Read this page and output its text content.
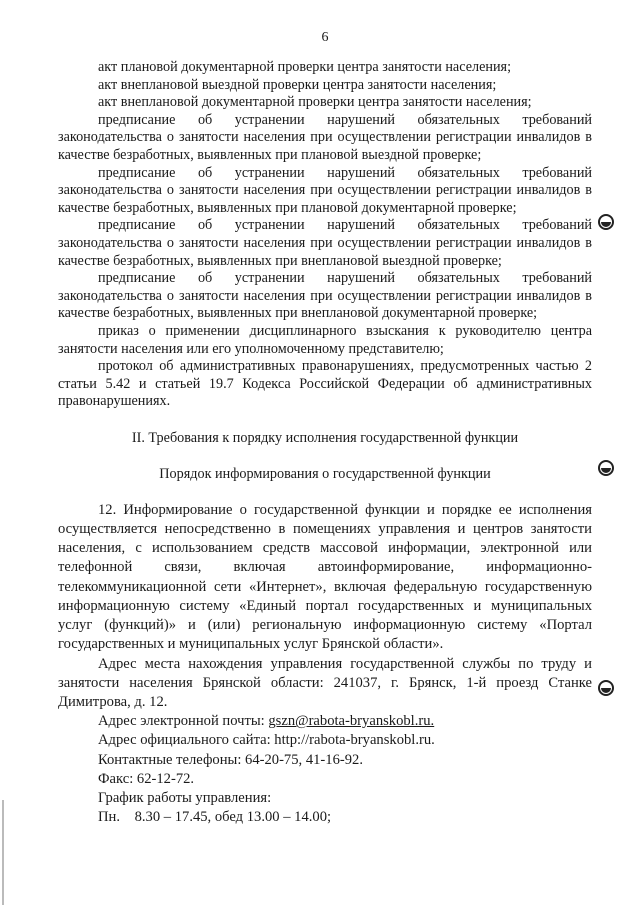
6

акт плановой документарной проверки центра занятости населения;

акт внеплановой выездной проверки центра занятости населения;

акт внеплановой документарной проверки центра занятости населения;

предписание об устранении нарушений обязательных требований законодательства о занятости населения при осуществлении регистрации инвалидов в качестве безработных, выявленных при плановой выездной проверке;

предписание об устранении нарушений обязательных требований законодательства о занятости населения при осуществлении регистрации инвалидов в качестве безработных, выявленных при плановой документарной проверке;

предписание об устранении нарушений обязательных требований законодательства о занятости населения при осуществлении регистрации инвалидов в качестве безработных, выявленных при внеплановой выездной проверке;

предписание об устранении нарушений обязательных требований законодательства о занятости населения при осуществлении регистрации инвалидов в качестве безработных, выявленных при внеплановой документарной проверке;

приказ о применении дисциплинарного взыскания к руководителю центра занятости населения или его уполномоченному представителю;

протокол об административных правонарушениях, предусмотренных частью 2 статьи 5.42 и статьей 19.7 Кодекса Российской Федерации об административных правонарушениях.

II. Требования к порядку исполнения государственной функции

Порядок информирования о государственной функции

12. Информирование о государственной функции и порядке ее исполнения осуществляется непосредственно в помещениях управления и центров занятости населения, с использованием средств массовой информации, электронной или телефонной связи, включая автоинформирование, информационно-телекоммуникационной сети «Интернет», включая федеральную государственную информационную систему «Единый портал государственных и муниципальных услуг (функций)» и (или) региональную информационную систему «Портал государственных и муниципальных услуг Брянской области».

Адрес места нахождения управления государственной службы по труду и занятости населения Брянской области: 241037, г. Брянск, 1-й проезд Станке Димитрова, д. 12.

Адрес электронной почты: gszn@rabota-bryanskobl.ru.

Адрес официального сайта: http://rabota-bryanskobl.ru.

Контактные телефоны: 64-20-75, 41-16-92.

Факс: 62-12-72.

График работы управления:

Пн.    8.30 – 17.45, обед 13.00 – 14.00;
